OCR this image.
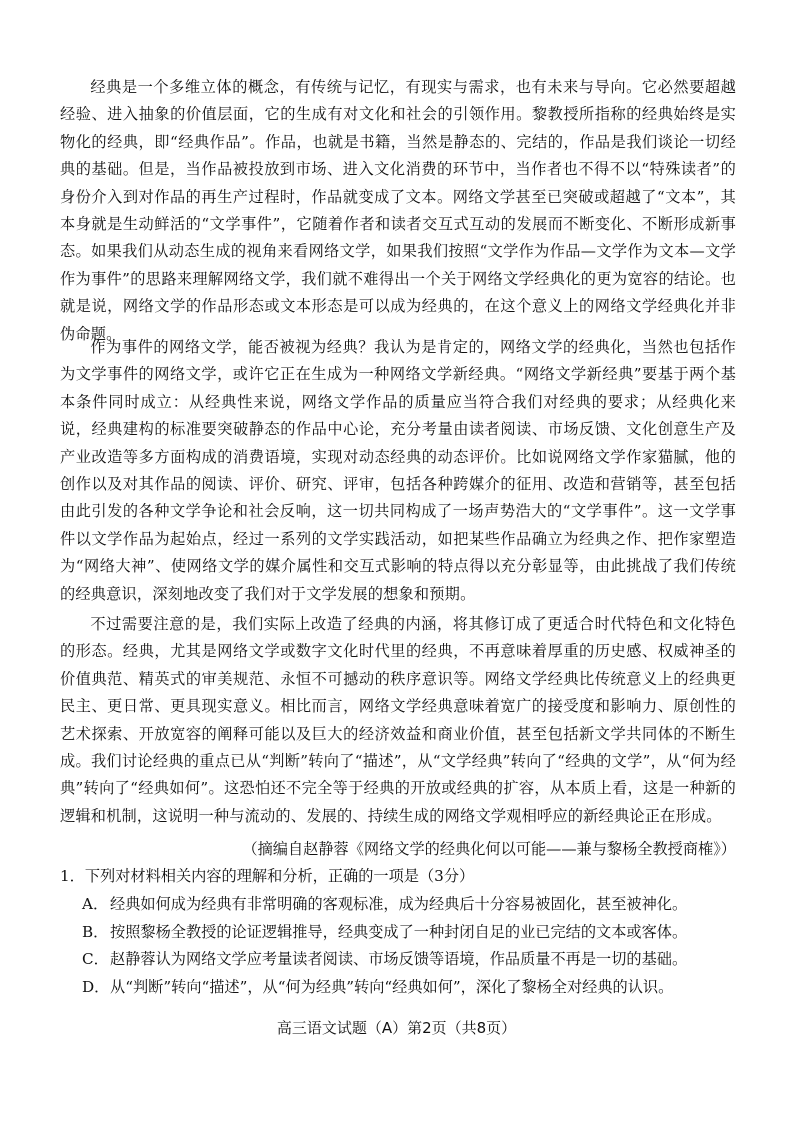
经典是一个多维立体的概念，有传统与记忆，有现实与需求，也有未来与导向。它必然要超越经验、进入抽象的价值层面，它的生成有对文化和社会的引领作用。黎教授所指称的经典始终是实物化的经典，即“经典作品”。作品，也就是书籍，当然是静态的、完结的，作品是我们谈论一切经典的基础。但是，当作品被投放到市场、进入文化消费的环节中，当作者也不得不以“特殊读者”的身份介入到对作品的再生产过程时，作品就变成了文本。网络文学甚至已突破或超越了“文本”，其本身就是生动鲜活的“文学事件”，它随着作者和读者交互式互动的发展而不断变化、不断形成新事态。如果我们从动态生成的视角来看网络文学，如果我们按照“文学作为作品—文学作为文本—文学作为事件”的思路来理解网络文学，我们就不难得出一个关于网络文学经典化的更为宽容的结论。也就是说，网络文学的作品形态或文本形态是可以成为经典的，在这个意义上的网络文学经典化并非伪命题。

作为事件的网络文学，能否被视为经典？我认为是肯定的，网络文学的经典化，当然也包括作为文学事件的网络文学，或许它正在生成为一种网络文学新经典。“网络文学新经典”要基于两个基本条件同时成立：从经典性来说，网络文学作品的质量应当符合我们对经典的要求；从经典化来说，经典建构的标准要突破静态的作品中心论，充分考量由读者阅读、市场反馈、文化创意生产及产业改造等多方面构成的消费语境，实现对动态经典的动态评价。比如说网络文学作家猫腻，他的创作以及对其作品的阅读、评价、研究、评审，包括各种跨媒介的征用、改造和营销等，甚至包括由此引发的各种文学争论和社会反响，这一切共同构成了一场声势浩大的“文学事件”。这一文学事件以文学作品为起始点，经过一系列的文学实践活动，如把某些作品确立为经典之作、把作家塑造为“网络大神”、使网络文学的媒介属性和交互式影响的特点得以充分彰显等，由此挑战了我们传统的经典意识，深刻地改变了我们对于文学发展的想象和预期。

不过需要注意的是，我们实际上改造了经典的内涵，将其修订成了更适合时代特色和文化特色的形态。经典，尤其是网络文学或数字文化时代里的经典，不再意味着厚重的历史感、权威神圣的价值典范、精英式的审美规范、永恒不可撼动的秩序意识等。网络文学经典比传统意义上的经典更民主、更日常、更具现实意义。相比而言，网络文学经典意味着宽广的接受度和影响力、原创性的艺术探索、开放宽容的阐释可能以及巨大的经济效益和商业价值，甚至包括新文学共同体的不断生成。我们讨论经典的重点已从“判断”转向了“描述”，从“文学经典”转向了“经典的文学”，从“何为经典”转向了“经典如何”。这恐怕还不完全等于经典的开放或经典的扩容，从本质上看，这是一种新的逻辑和机制，这说明一种与流动的、发展的、持续生成的网络文学观相呼应的新经典论正在形成。

（摘编自赵静蓉《网络文学的经典化何以可能——兼与黎杨全教授商榷》）

1．下列对材料相关内容的理解和分析，正确的一项是（3分）

A． 经典如何成为经典有非常明确的客观标准，成为经典后十分容易被固化，甚至被神化。
B． 按照黎杨全教授的论证逻辑推导，经典变成了一种封闭自足的业已完结的文本或客体。
C． 赵静蓉认为网络文学应考量读者阅读、市场反馈等语境，作品质量不再是一切的基础。
D． 从“判断”转向“描述”，从“何为经典”转向“经典如何”，深化了黎杨全对经典的认识。
高三语文试题（A）第2页（共8页）
